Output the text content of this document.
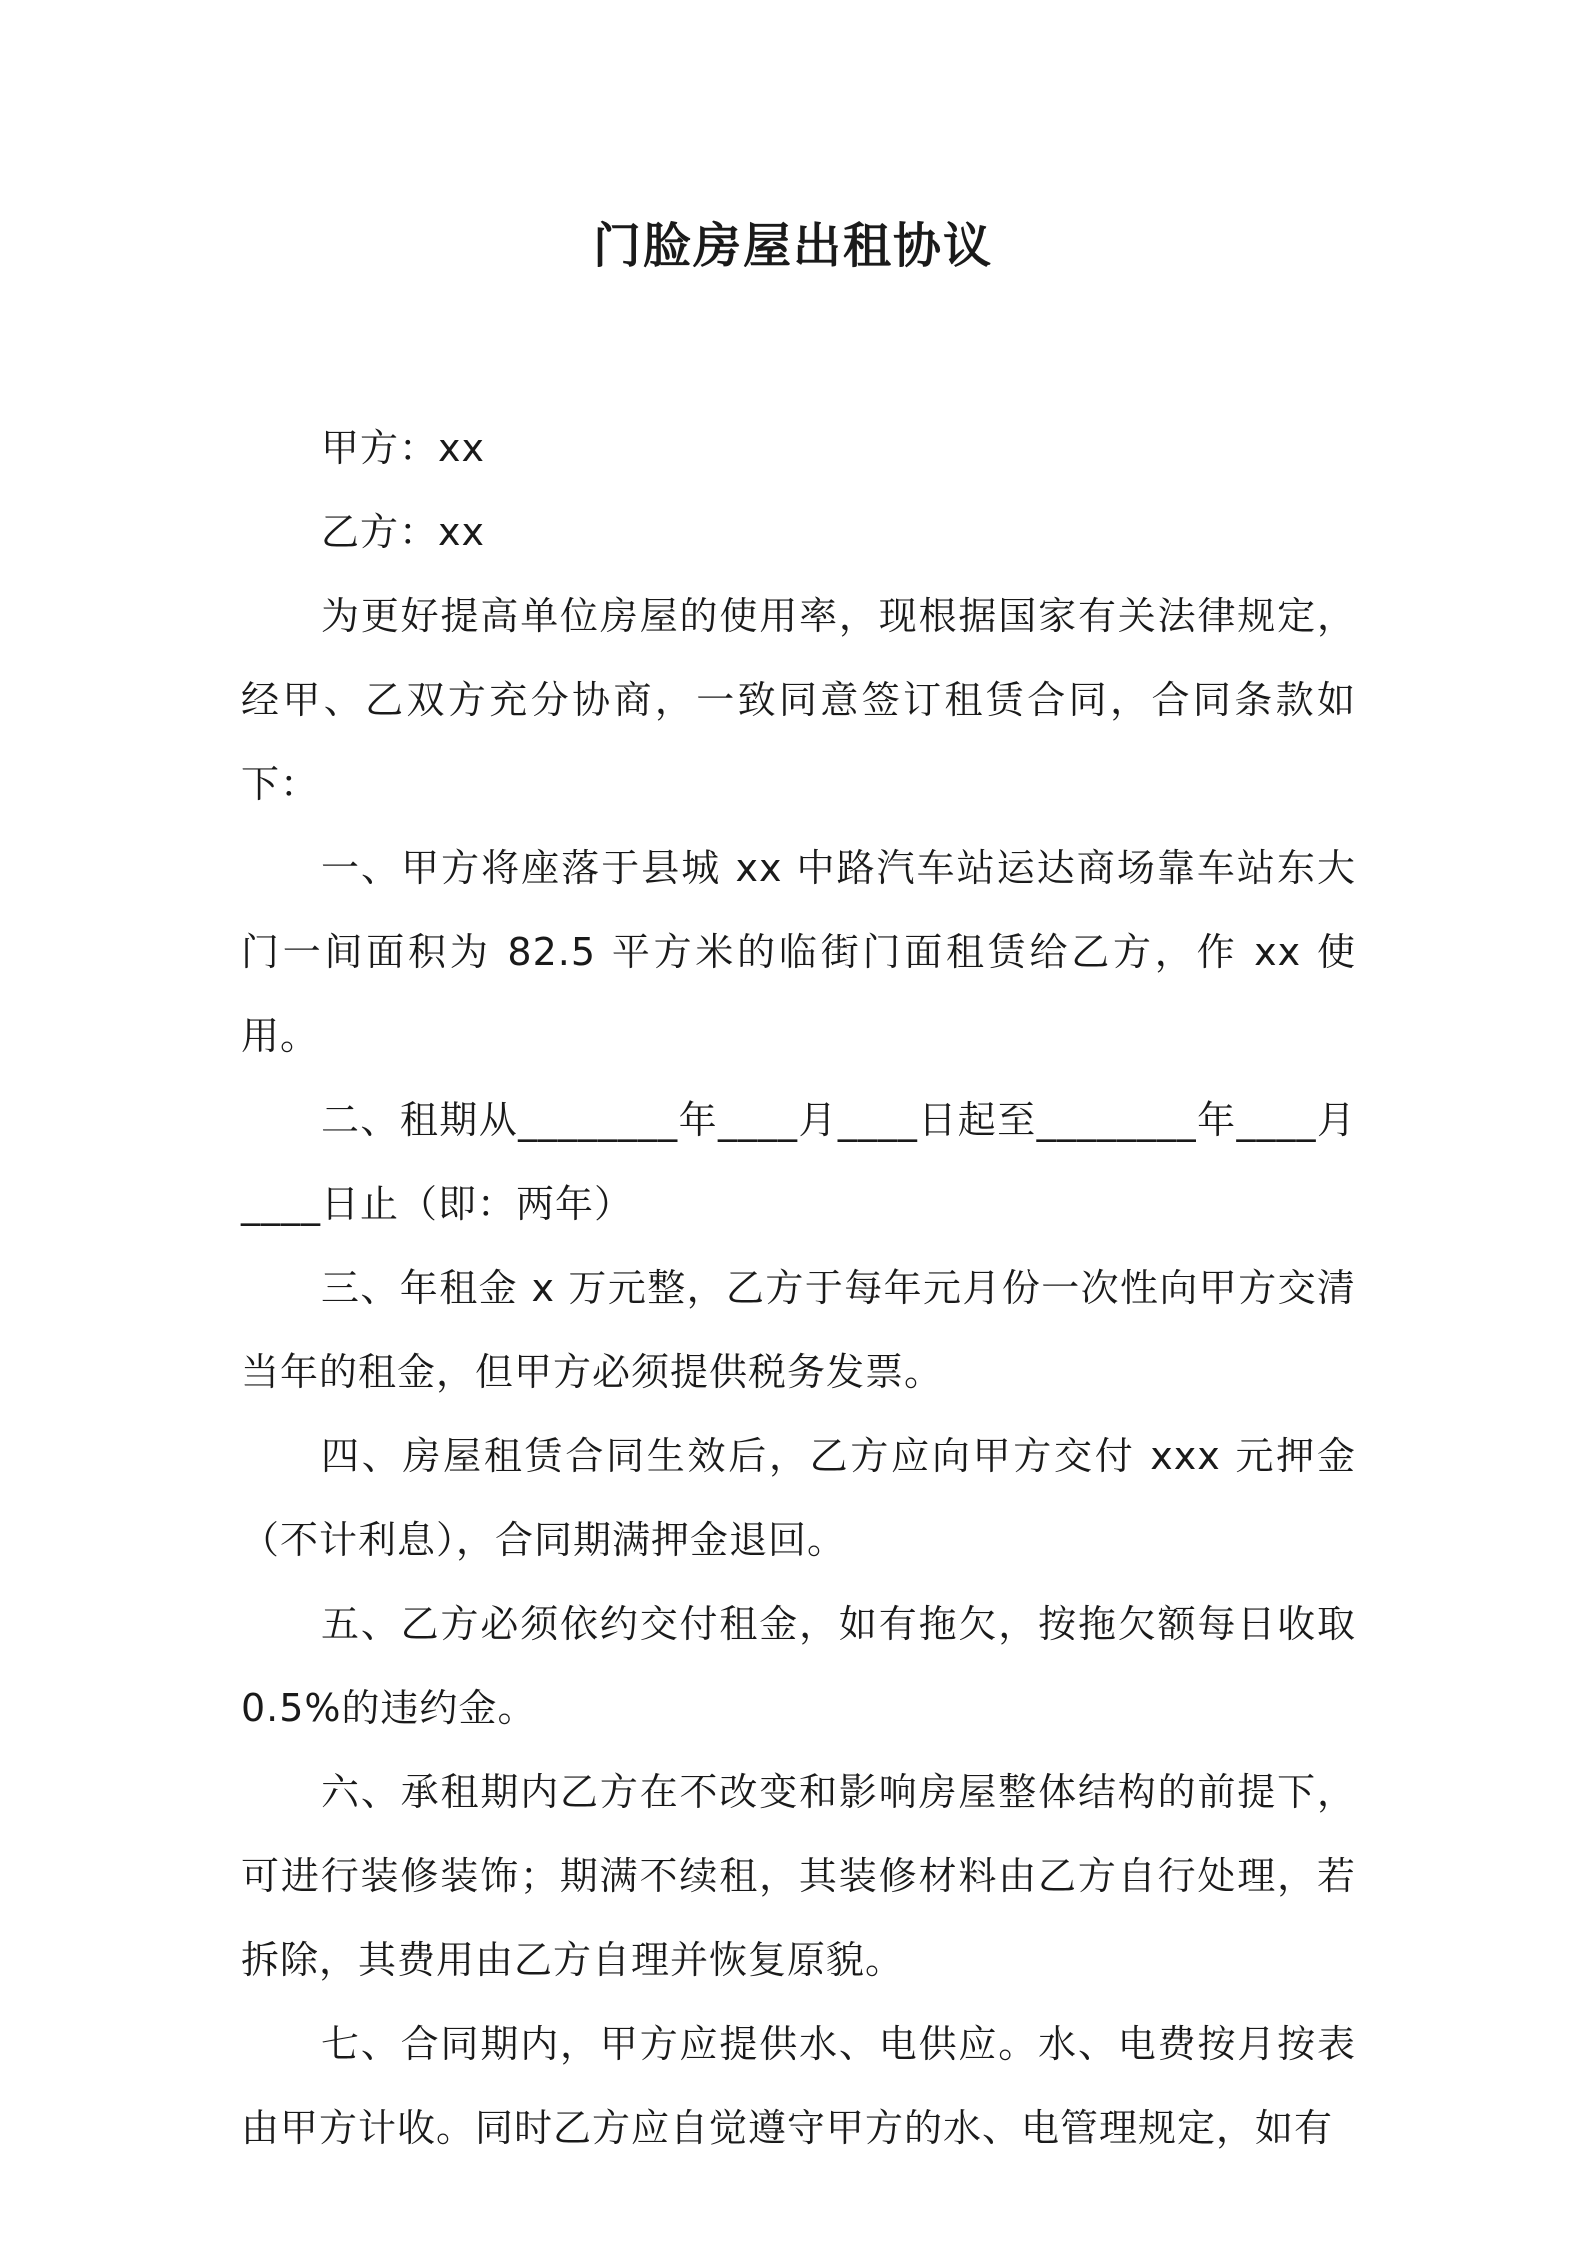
门脸房屋出租协议

甲方：xx

乙方：xx

为更好提高单位房屋的使用率，现根据国家有关法律规定，经甲、乙双方充分协商，一致同意签订租赁合同，合同条款如下：

一、甲方将座落于县城 xx 中路汽车站运达商场靠车站东大门一间面积为 82.5 平方米的临街门面租赁给乙方，作 xx 使用。

二、租期从________年____月____日起至________年____月____日止（即：两年）

三、年租金 x 万元整，乙方于每年元月份一次性向甲方交清当年的租金，但甲方必须提供税务发票。

四、房屋租赁合同生效后，乙方应向甲方交付 xxx 元押金（不计利息），合同期满押金退回。

五、乙方必须依约交付租金，如有拖欠，按拖欠额每日收取 0.5%的违约金。

六、承租期内乙方在不改变和影响房屋整体结构的前提下，可进行装修装饰；期满不续租，其装修材料由乙方自行处理，若拆除，其费用由乙方自理并恢复原貌。

七、合同期内，甲方应提供水、电供应。水、电费按月按表由甲方计收。同时乙方应自觉遵守甲方的水、电管理规定，如有
